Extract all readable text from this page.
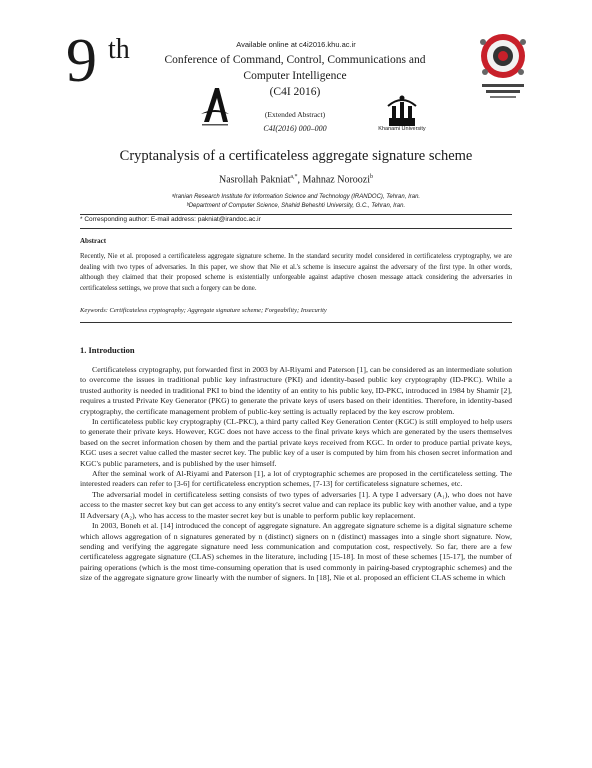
9 th	Available online at c4i2016.khu.ac.ir
Conference of Command, Control, Communications and
Computer Intelligence
(C4I 2016)
(Extended Abstract)
C4I(2016) 000–000	Khanami University
Cryptanalysis of a certificateless aggregate signature scheme
Nasrollah Pakniat$^{a,*}$, Mahnaz Noroozi$^b$
ᵃIranian Research Institute for Information Science and Technology (IRANDOC), Tehran, Iran.
ᵇDepartment of Computer Science, Shahid Beheshti University, G.C., Tehran, Iran.
* Corresponding author: E-mail address: pakniat@irandoc.ac.ir
Abstract
Recently, Nie et al. proposed a certificateless aggregate signature scheme. In the standard security model considered in certificateless cryptography, we are dealing with two types of adversaries. In this paper, we show that Nie et al.'s scheme is insecure against the adversary of the first type. In other words, although they claimed that their proposed scheme is existentially unforgeable against adaptive chosen message attack considering the adversaries in certificateless settings, we prove that such a forgery can be done.
Keywords: Certificateless cryptography; Aggregate signature scheme; Forgeability; Insecurity
1. Introduction

Certificateless cryptography, put forwarded first in 2003 by Al-Riyami and Paterson [1], can be considered as an intermediate solution to overcome the issues in traditional public key infrastructure (PKI) and identity-based public key cryptography (ID-PKC). While a trusted authority is needed in traditional PKI to bind the identity of an entity to his public key, ID-PKC, introduced in 1984 by Shamir [2], requires a trusted Private Key Generator (PKG) to generate the private keys of users based on their identities. Therefore, in identity-based cryptography, the certificate management problem of public-key setting is actually replaced by the key escrow problem.

In certificateless public key cryptography (CL-PKC), a third party called Key Generation Center (KGC) is still employed to help users to generate their private keys. However, KGC does not have access to the final private keys which are generated by the users themselves based on the secret information chosen by them and the partial private keys received from KGC. In order to produce partial private keys, KGC uses a secret value called the master secret key. The public key of a user is computed by him from his chosen secret information and KGC's public parameters, and is published by the user himself.

After the seminal work of Al-Riyami and Paterson [1], a lot of cryptographic schemes are proposed in the certificateless setting. The interested readers can refer to [3-6] for certificateless encryption schemes, [7-13] for certificateless signature schemes, etc.

The adversarial model in certificateless setting consists of two types of adversaries [1]. A type I adversary (A₁), who does not have access to the master secret key but can get access to any entity's secret value and can replace its public key with another value, and a type II Adversary (A₂), who has access to the master secret key but is unable to perform public key replacement.

In 2003, Boneh et al. [14] introduced the concept of aggregate signature. An aggregate signature scheme is a digital signature scheme which allows aggregation of n signatures generated by n (distinct) signers on n (distinct) massages into a single short signature. Now, sending and verifying the aggregate signature need less communication and computation cost, respectively. So far, there are a few certificateless aggregate signature (CLAS) schemes in the literature, including [15-18]. In most of these schemes [15-17], the number of pairing operations (which is the most time-consuming operation that is used commonly in pairing-based cryptographic schemes) and the size of the aggregate signature grow linearly with the number of signers. In [18], Nie et al. proposed an efficient CLAS scheme in which
